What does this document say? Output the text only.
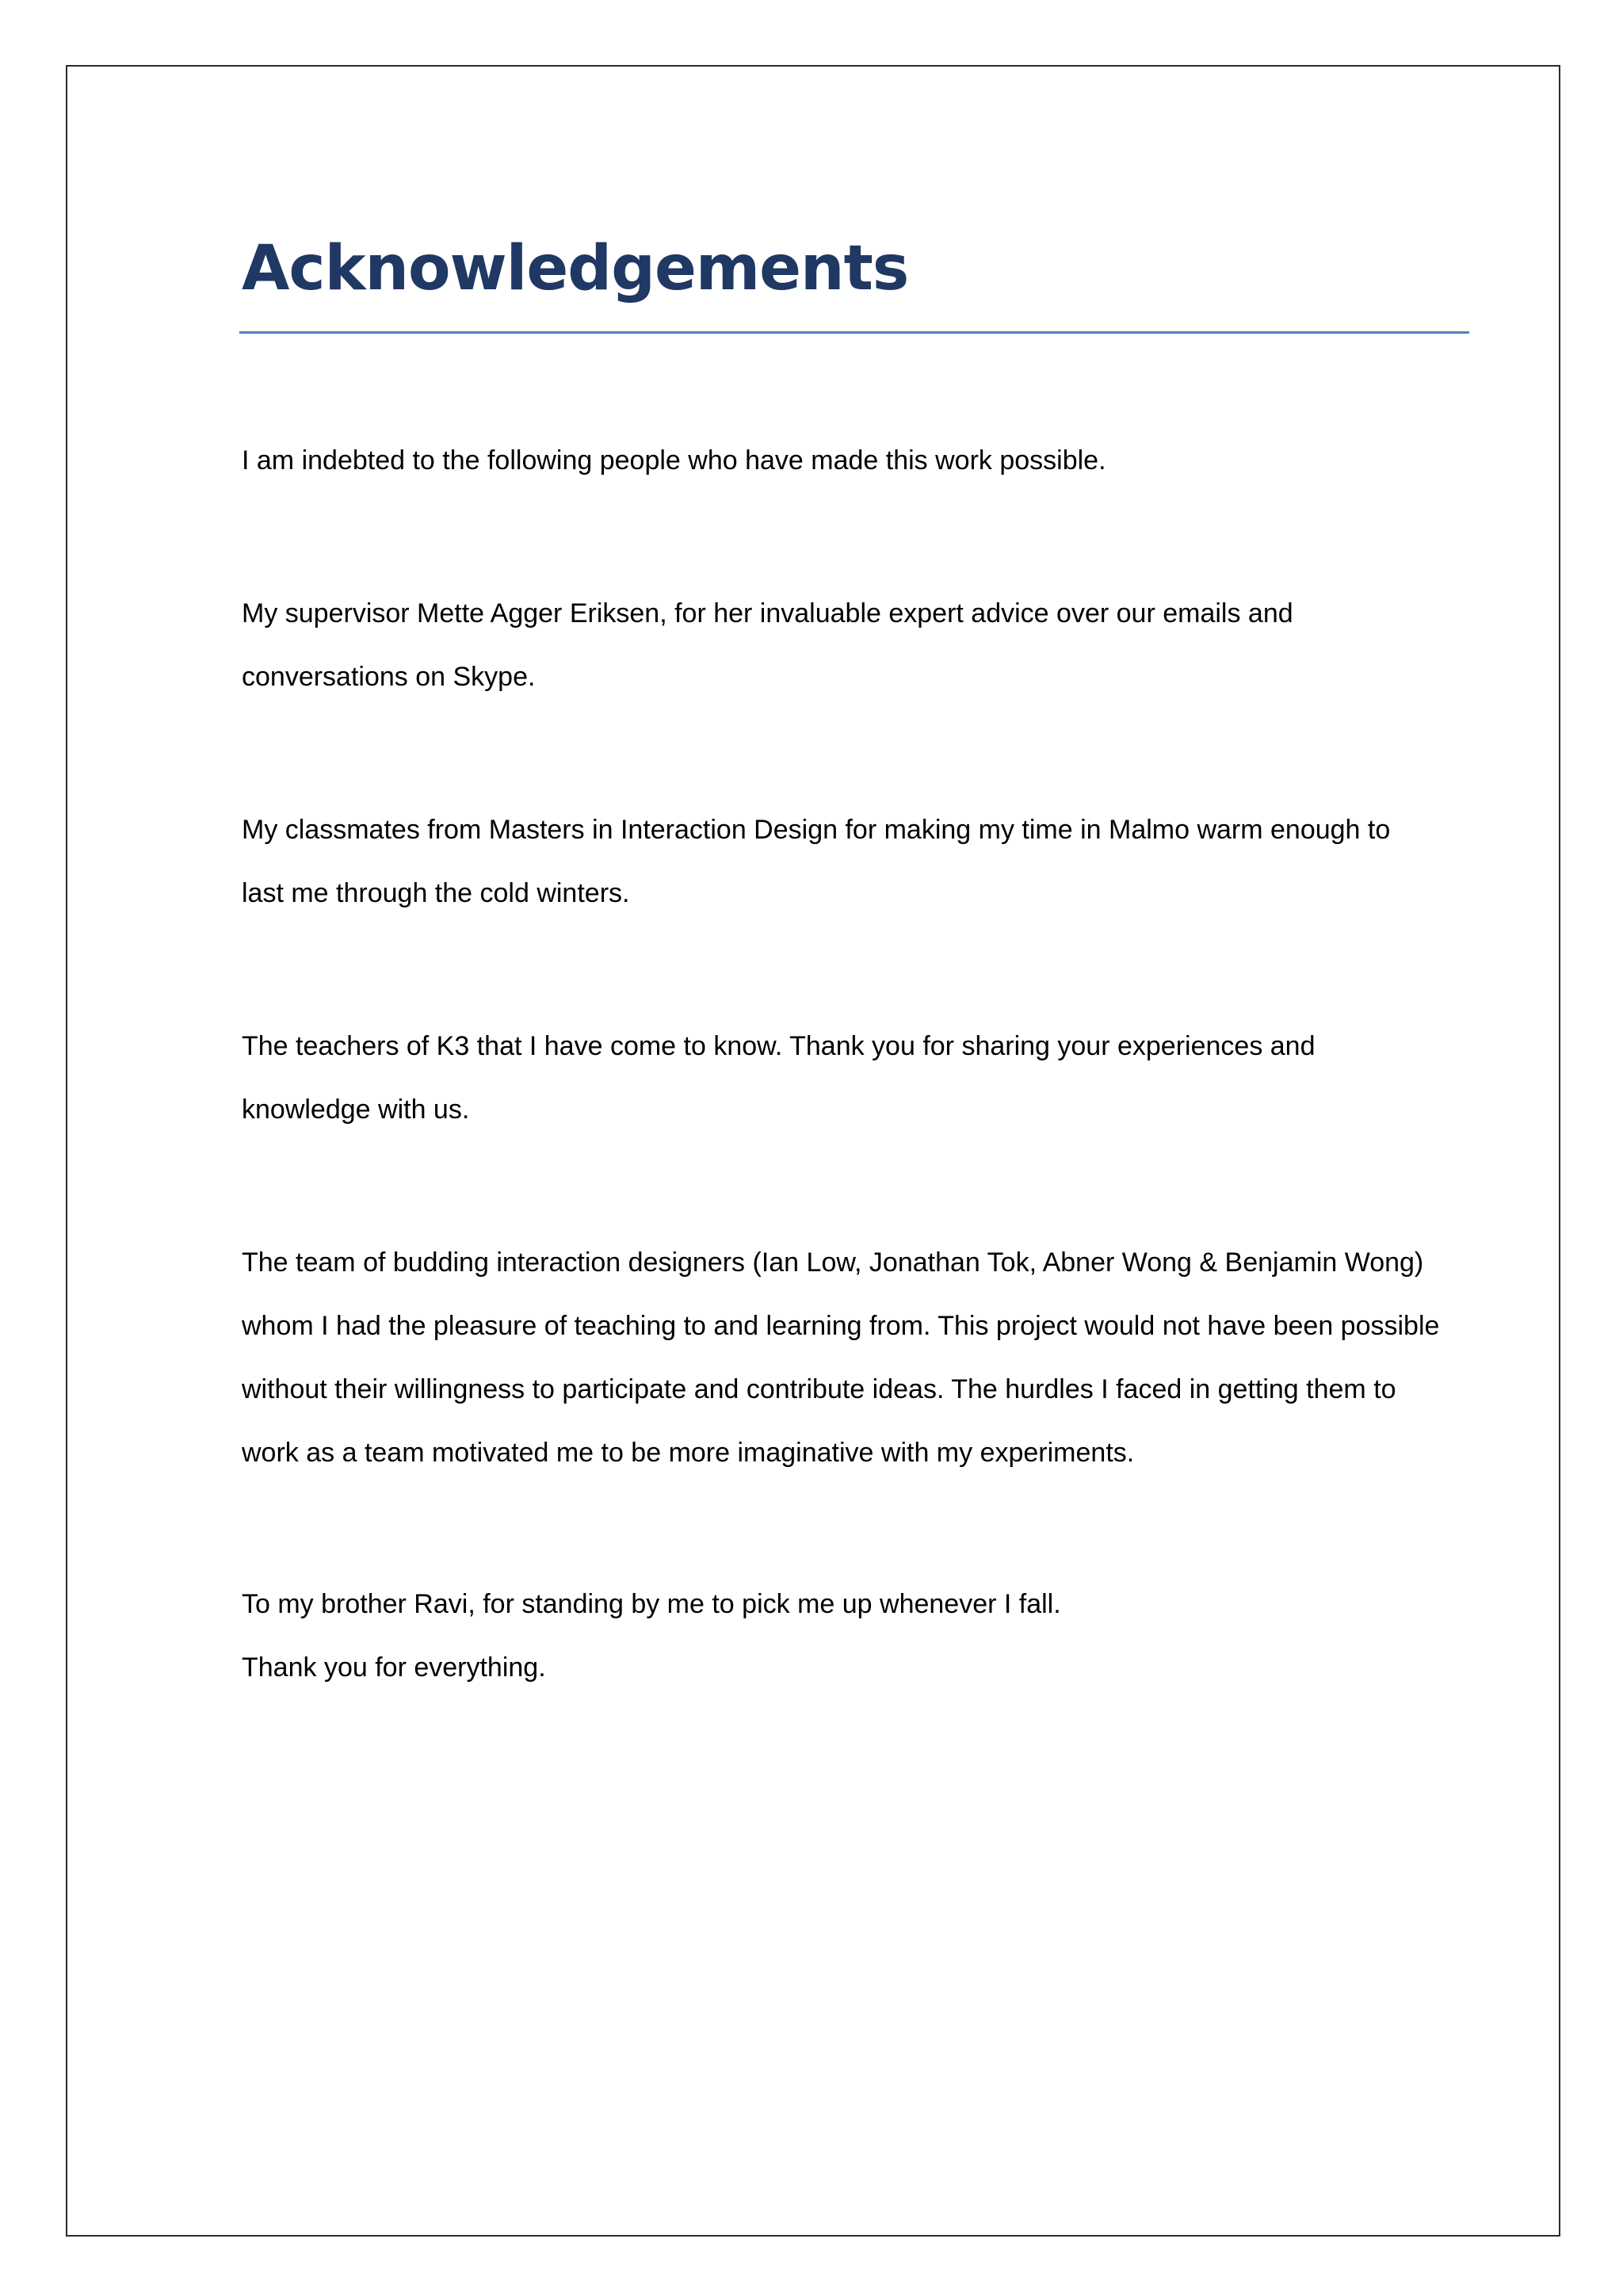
Acknowledgements

I am indebted to the following people who have made this work possible.

My supervisor Mette Agger Eriksen, for her invaluable expert advice over our emails and
conversations on Skype.

My classmates from Masters in Interaction Design for making my time in Malmo warm enough to
last me through the cold winters.

The teachers of K3 that I have come to know. Thank you for sharing your experiences and
knowledge with us.

The team of budding interaction designers (Ian Low, Jonathan Tok, Abner Wong & Benjamin Wong)
whom I had the pleasure of teaching to and learning from. This project would not have been possible
without their willingness to participate and contribute ideas. The hurdles I faced in getting them to
work as a team motivated me to be more imaginative with my experiments.

To my brother Ravi, for standing by me to pick me up whenever I fall.
Thank you for everything.
